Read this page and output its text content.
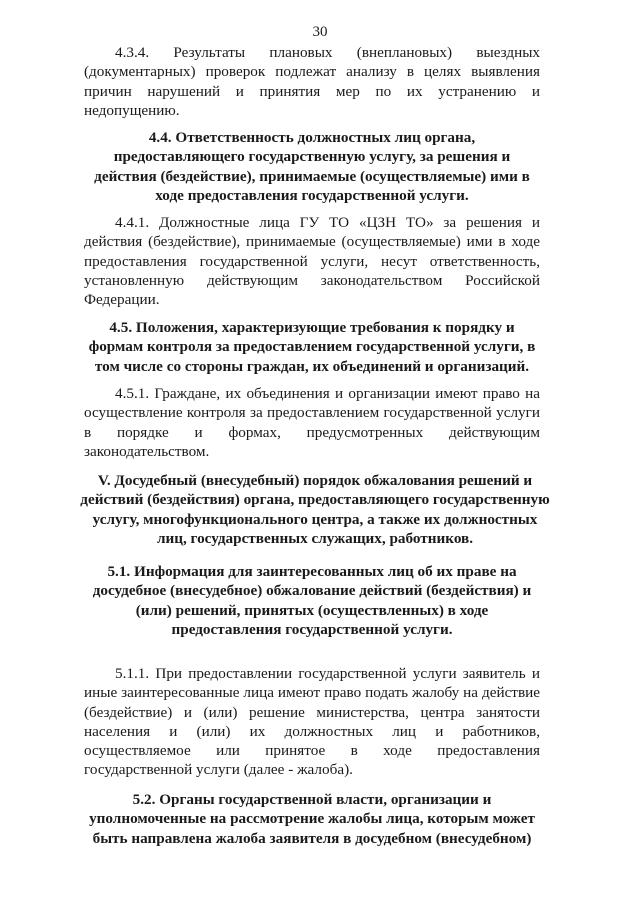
30
4.3.4. Результаты плановых (внеплановых) выездных (документарных) проверок подлежат анализу в целях выявления причин нарушений и принятия мер по их устранению и недопущению.
4.4. Ответственность должностных лиц органа, предоставляющего государственную услугу, за решения и действия (бездействие), принимаемые (осуществляемые) ими в ходе предоставления государственной услуги.
4.4.1. Должностные лица ГУ ТО «ЦЗН ТО» за решения и действия (бездействие), принимаемые (осуществляемые) ими в ходе предоставления государственной услуги, несут ответственность, установленную действующим законодательством Российской Федерации.
4.5. Положения, характеризующие требования к порядку и формам контроля за предоставлением государственной услуги, в том числе со стороны граждан, их объединений и организаций.
4.5.1. Граждане, их объединения и организации имеют право на осуществление контроля за предоставлением государственной услуги в порядке и формах, предусмотренных действующим законодательством.
V. Досудебный (внесудебный) порядок обжалования решений и действий (бездействия) органа, предоставляющего государственную услугу, многофункционального центра, а также их должностных лиц, государственных служащих, работников.
5.1. Информация для заинтересованных лиц об их праве на досудебное (внесудебное) обжалование действий (бездействия) и (или) решений, принятых (осуществленных) в ходе предоставления государственной услуги.
5.1.1. При предоставлении государственной услуги заявитель и иные заинтересованные лица имеют право подать жалобу на действие (бездействие) и (или) решение министерства, центра занятости населения и (или) их должностных лиц и работников, осуществляемое или принятое в ходе предоставления государственной услуги (далее - жалоба).
5.2. Органы государственной власти, организации и уполномоченные на рассмотрение жалобы лица, которым может быть направлена жалоба заявителя в досудебном (внесудебном)
